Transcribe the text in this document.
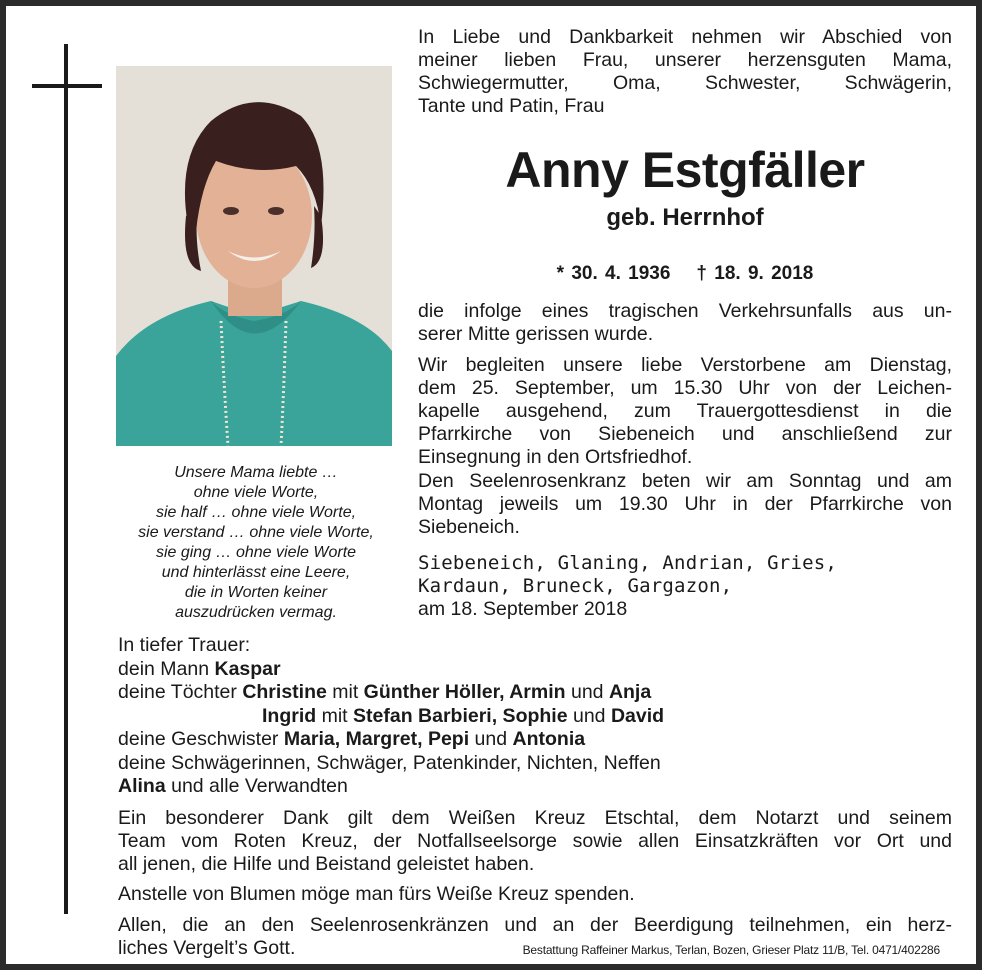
Unsere Mama liebte …
ohne viele Worte,
sie half … ohne viele Worte,
sie verstand … ohne viele Worte,
sie ging … ohne viele Worte
und hinterlässt eine Leere,
die in Worten keiner
auszudrücken vermag.
In Liebe und Dankbarkeit nehmen wir Abschied von
meiner lieben Frau, unserer herzensguten Mama,
Schwiegermutter, Oma, Schwester, Schwägerin,
Tante und Patin, Frau
Anny Estgfäller
geb. Herrnhof
* 30. 4. 1936 † 18. 9. 2018
die infolge eines tragischen Verkehrsunfalls aus un-
serer Mitte gerissen wurde.
Wir begleiten unsere liebe Verstorbene am Dienstag,
dem 25. September, um 15.30 Uhr von der Leichen-
kapelle ausgehend, zum Trauergottesdienst in die
Pfarrkirche von Siebeneich und anschließend zur
Einsegnung in den Ortsfriedhof.
Den Seelenrosenkranz beten wir am Sonntag und am
Montag jeweils um 19.30 Uhr in der Pfarrkirche von
Siebeneich.
Siebeneich, Glaning, Andrian, Gries,
Kardaun, Bruneck, Gargazon,
am 18. September 2018
In tiefer Trauer:
dein Mann Kaspar
deine Töchter Christine mit Günther Höller, Armin und Anja
Ingrid mit Stefan Barbieri, Sophie und David
deine Geschwister Maria, Margret, Pepi und Antonia
deine Schwägerinnen, Schwäger, Patenkinder, Nichten, Neffen
Alina und alle Verwandten
Ein besonderer Dank gilt dem Weißen Kreuz Etschtal, dem Notarzt und seinem
Team vom Roten Kreuz, der Notfallseelsorge sowie allen Einsatzkräften vor Ort und
all jenen, die Hilfe und Beistand geleistet haben.
Anstelle von Blumen möge man fürs Weiße Kreuz spenden.
Allen, die an den Seelenrosenkränzen und an der Beerdigung teilnehmen, ein herz-
liches Vergelt’s Gott.	Bestattung Raffeiner Markus, Terlan, Bozen, Grieser Platz 11/B, Tel. 0471/402286
